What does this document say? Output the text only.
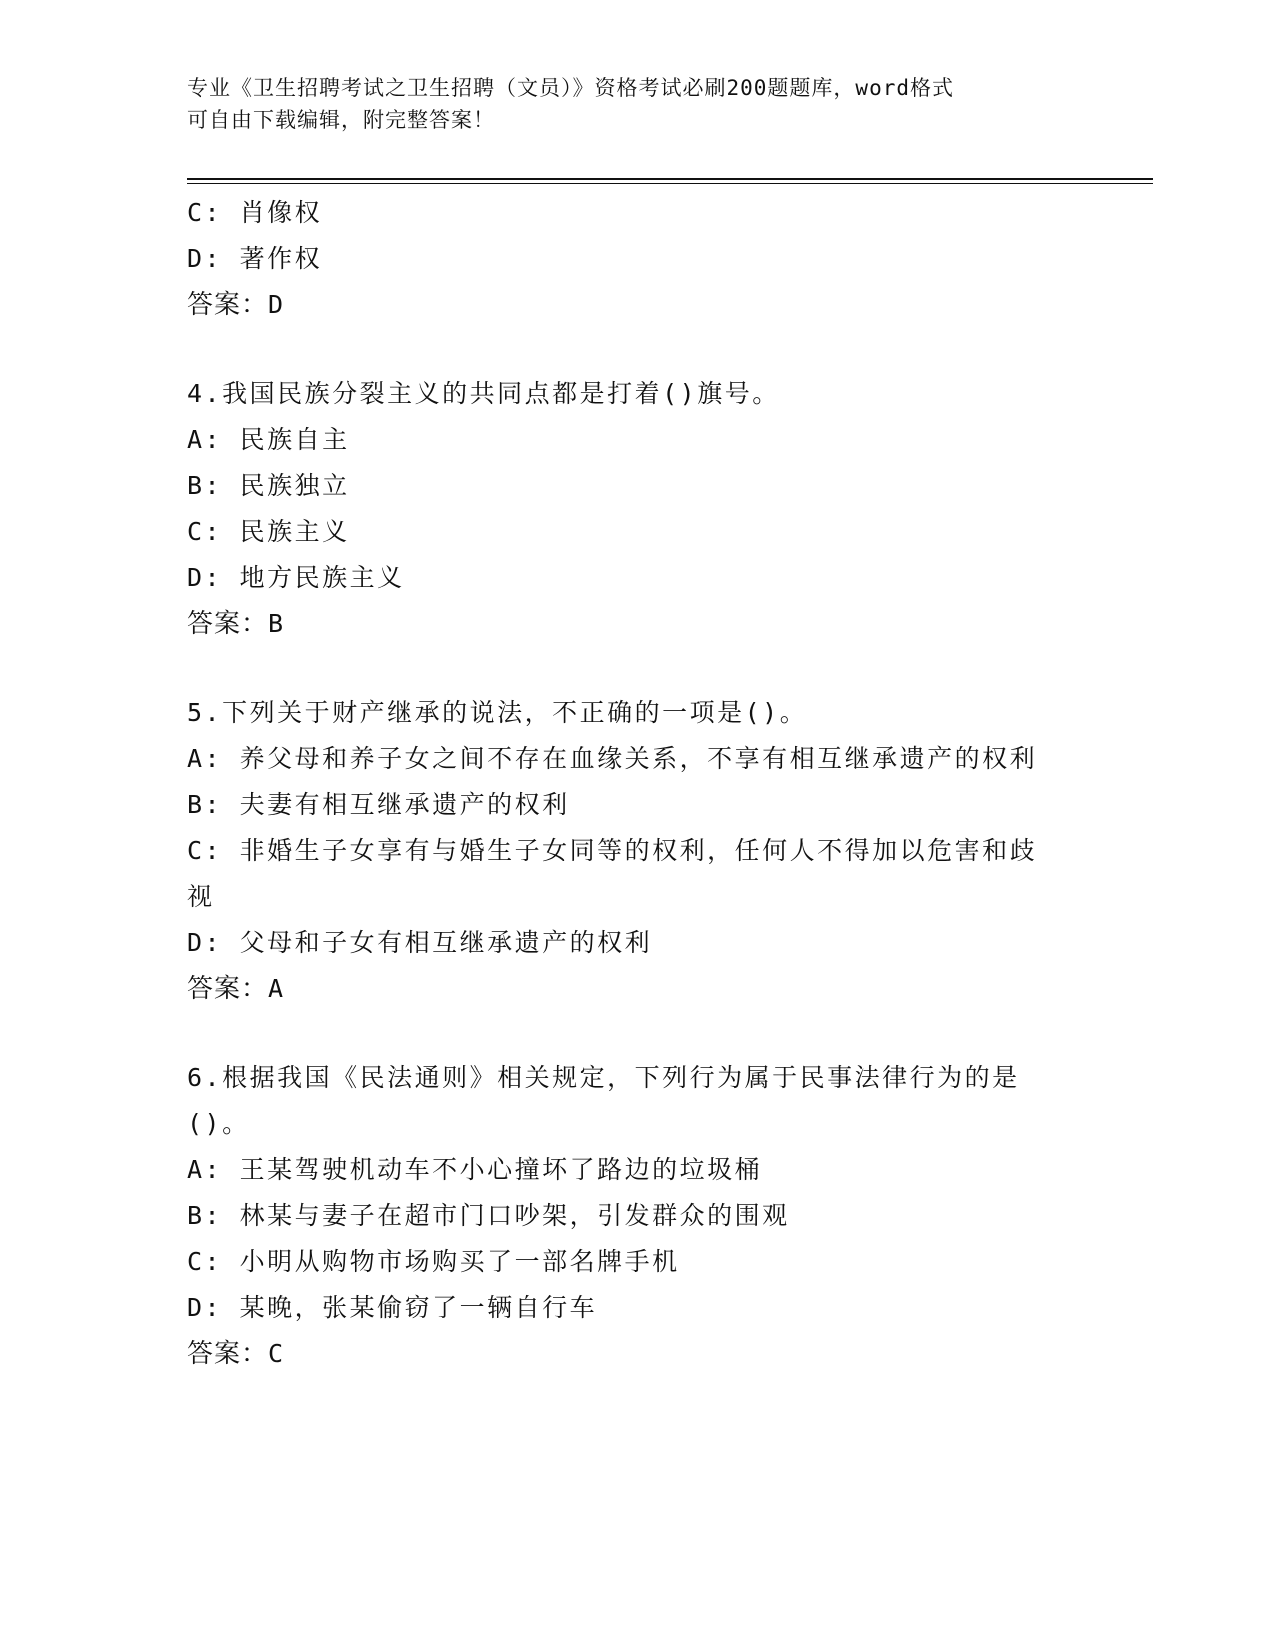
专业《卫生招聘考试之卫生招聘（文员）》资格考试必刷200题题库，word格式
可自由下载编辑，附完整答案！
C: 肖像权
D: 著作权
答案：D
4.我国民族分裂主义的共同点都是打着()旗号。
A: 民族自主
B: 民族独立
C: 民族主义
D: 地方民族主义
答案：B
5.下列关于财产继承的说法，不正确的一项是()。
A: 养父母和养子女之间不存在血缘关系，不享有相互继承遗产的权利
B: 夫妻有相互继承遗产的权利
C: 非婚生子女享有与婚生子女同等的权利，任何人不得加以危害和歧
视
D: 父母和子女有相互继承遗产的权利
答案：A
6.根据我国《民法通则》相关规定，下列行为属于民事法律行为的是
()。
A: 王某驾驶机动车不小心撞坏了路边的垃圾桶
B: 林某与妻子在超市门口吵架，引发群众的围观
C: 小明从购物市场购买了一部名牌手机
D: 某晚，张某偷窃了一辆自行车
答案：C
